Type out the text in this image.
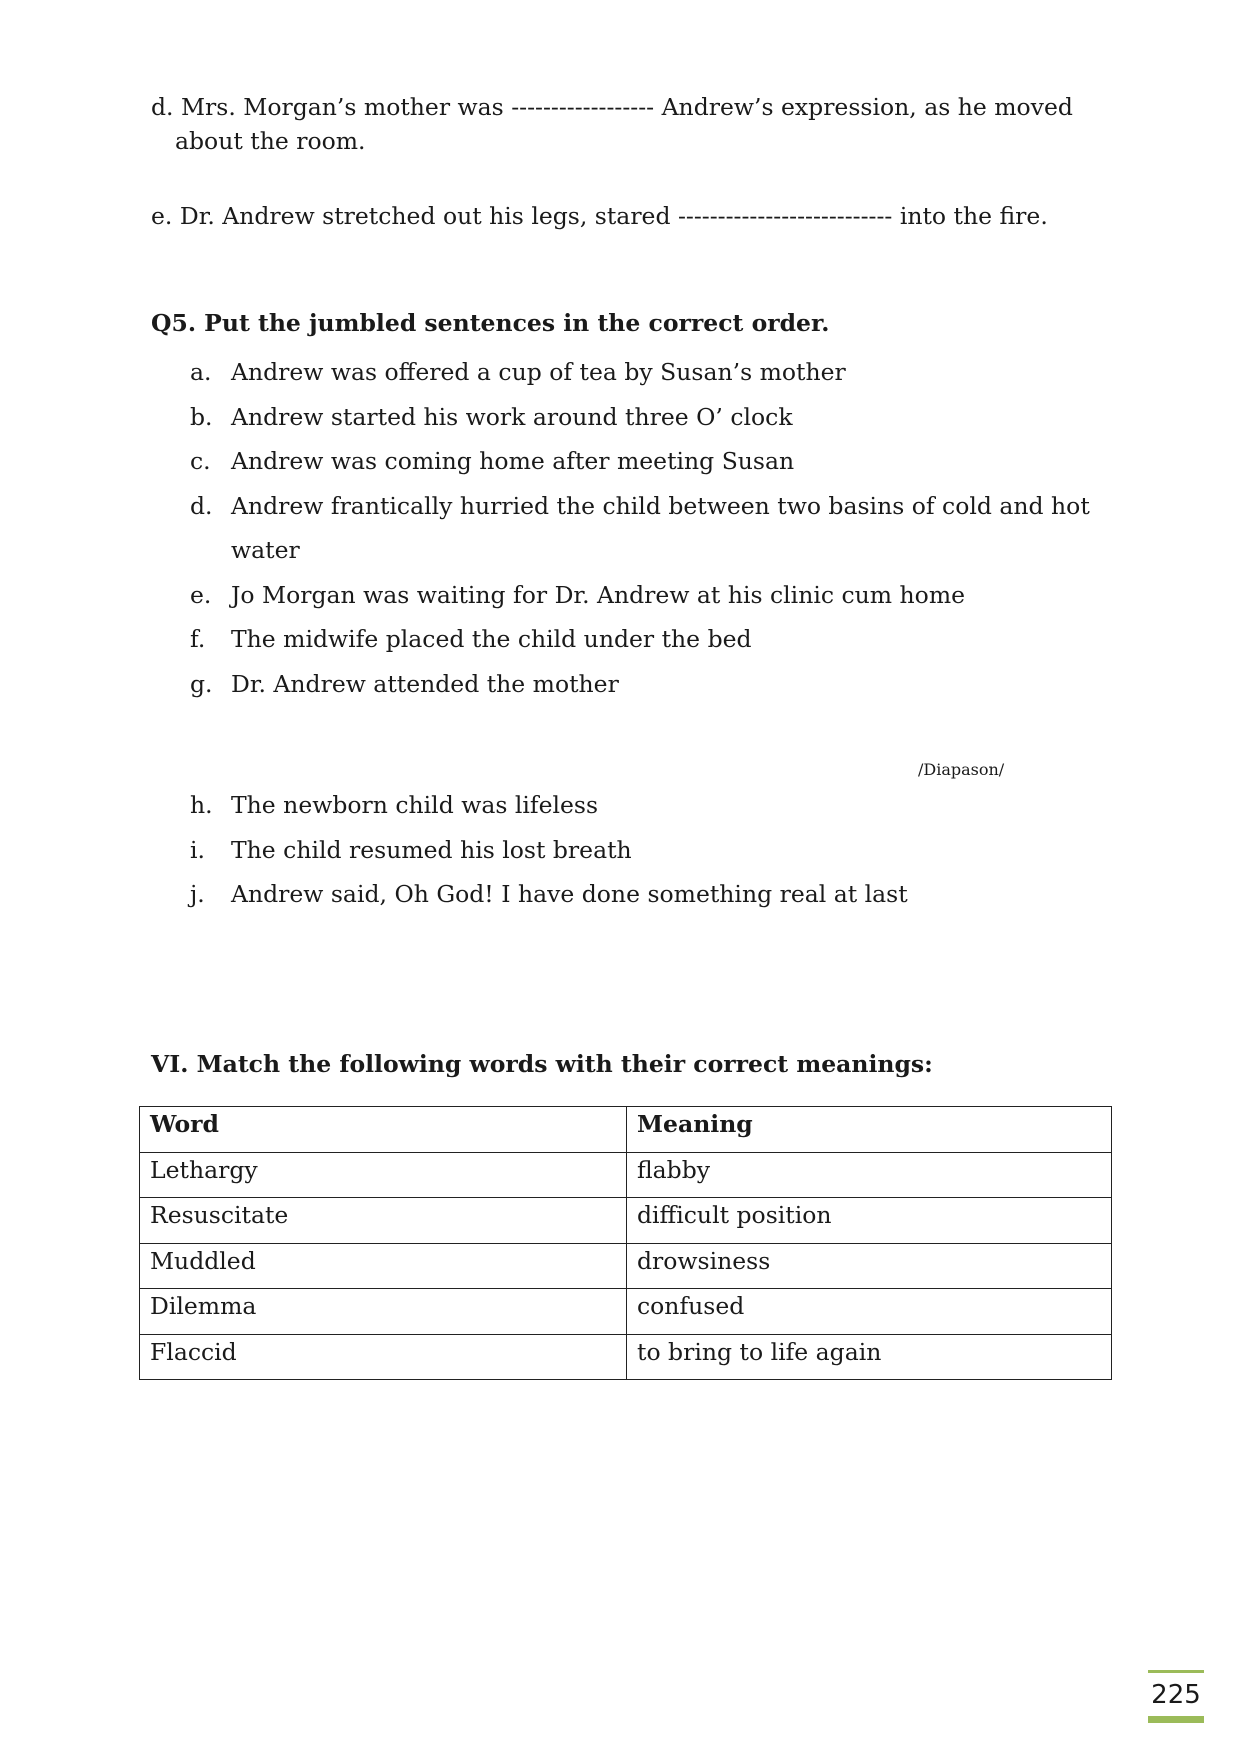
d. Mrs. Morgan’s mother was ------------------ Andrew’s expression, as he moved
about the room.

e. Dr. Andrew stretched out his legs, stared --------------------------- into the fire.

Q5. Put the jumbled sentences in the correct order.
a. Andrew was offered a cup of tea by Susan’s mother
b. Andrew started his work around three O’ clock
c. Andrew was coming home after meeting Susan
d. Andrew frantically hurried the child between two basins of cold and hot water
e. Jo Morgan was waiting for Dr. Andrew at his clinic cum home
f. The midwife placed the child under the bed
g. Dr. Andrew attended the mother
/Diapason/
h. The newborn child was lifeless
i. The child resumed his lost breath
j. Andrew said, Oh God! I have done something real at last
VI. Match the following words with their correct meanings:
Word	Meaning
Lethargy	flabby
Resuscitate	difficult position
Muddled	drowsiness
Dilemma	confused
Flaccid	to bring to life again
225
